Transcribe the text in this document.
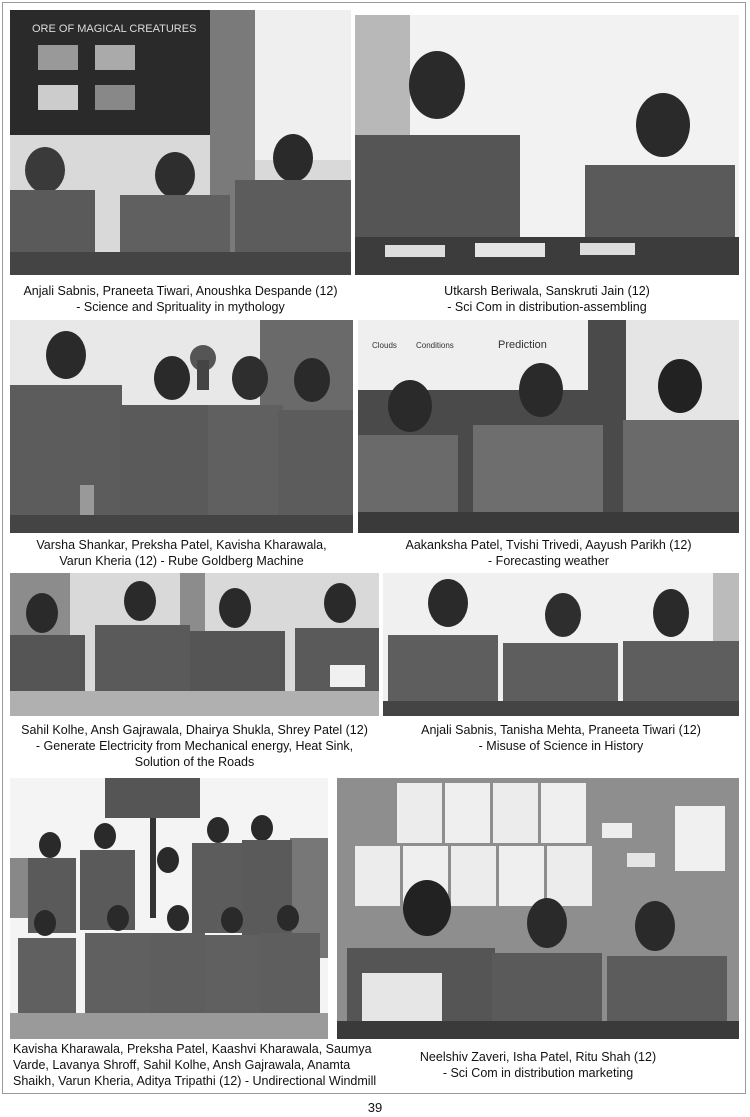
ORE OF MAGICAL CREATURES
Anjali Sabnis, Praneeta Tiwari, Anoushka Despande (12)
- Science and Sprituality in mythology
Utkarsh Beriwala, Sanskruti Jain (12)
- Sci Com in distribution-assembling
Varsha Shankar, Preksha Patel, Kavisha Kharawala,
Varun Kheria (12) - Rube Goldberg Machine
Prediction
Clouds Conditions
Aakanksha Patel, Tvishi Trivedi, Aayush Parikh (12)
- Forecasting weather
Sahil Kolhe, Ansh Gajrawala, Dhairya Shukla, Shrey Patel (12)
- Generate Electricity from Mechanical energy, Heat Sink,
Solution of the Roads
Anjali Sabnis, Tanisha Mehta, Praneeta Tiwari (12)
- Misuse of Science in History
Kavisha Kharawala, Preksha Patel, Kaashvi Kharawala, Saumya
Varde, Lavanya Shroff, Sahil Kolhe, Ansh Gajrawala, Anamta
Shaikh, Varun Kheria, Aditya Tripathi (12) - Undirectional Windmill
Neelshiv Zaveri, Isha Patel, Ritu Shah (12)
- Sci Com in distribution marketing
39
